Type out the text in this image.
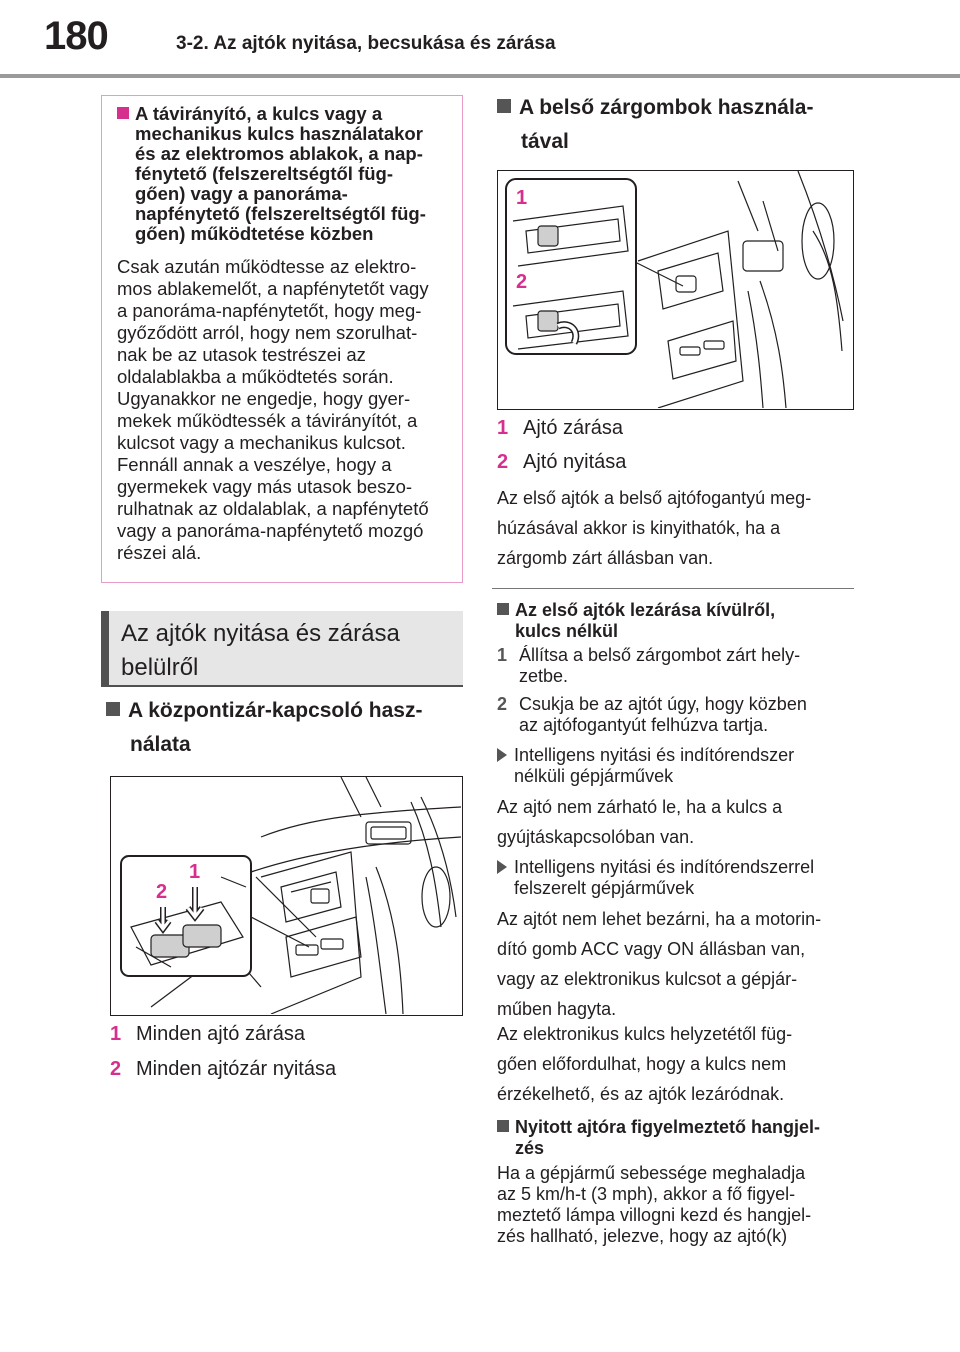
180	3-2. Az ajtók nyitása, becsukása és zárása
A távirányító, a kulcs vagy a
mechanikus kulcs használatakor
és az elektromos ablakok, a nap-
fénytető (felszereltségtől füg-
gően) vagy a panoráma-
napfénytető (felszereltségtől füg-
gően) működtetése közben
Csak azután működtesse az elektro-
mos ablakemelőt, a napfénytetőt vagy
a panoráma-napfénytetőt, hogy meg-
győződött arról, hogy nem szorulhat-
nak be az utasok testrészei az
oldalablakba a működtetés során.
Ugyanakkor ne engedje, hogy gyer-
mekek működtessék a távirányítót, a
kulcsot vagy a mechanikus kulcsot.
Fennáll annak a veszélye, hogy a
gyermekek vagy más utasok beszo-
rulhatnak az oldalablak, a napfénytető
vagy a panoráma-napfénytető mozgó
részei alá.
Az ajtók nyitása és zárása
belülről
A központizár-kapcsoló hasz-
nálata
1
2
1 Minden ajtó zárása
2 Minden ajtózár nyitása
A belső zárgombok használa-
tával
1
2
1 Ajtó zárása
2 Ajtó nyitása
Az első ajtók a belső ajtófogantyú meg-
húzásával akkor is kinyithatók, ha a
zárgomb zárt állásban van.
Az első ajtók lezárása kívülről,
kulcs nélkül
1 Állítsa a belső zárgombot zárt hely-
zetbe.
2 Csukja be az ajtót úgy, hogy közben
az ajtófogantyút felhúzva tartja.
Intelligens nyitási és indítórendszer
nélküli gépjárművek
Az ajtó nem zárható le, ha a kulcs a
gyújtáskapcsolóban van.
Intelligens nyitási és indítórendszerrel
felszerelt gépjárművek
Az ajtót nem lehet bezárni, ha a motorin-
dító gomb ACC vagy ON állásban van,
vagy az elektronikus kulcsot a gépjár-
műben hagyta.
Az elektronikus kulcs helyzetétől füg-
gően előfordulhat, hogy a kulcs nem
érzékelhető, és az ajtók lezáródnak.
Nyitott ajtóra figyelmeztető hangjel-
zés
Ha a gépjármű sebessége meghaladja
az 5 km/h-t (3 mph), akkor a fő figyel-
meztető lámpa villogni kezd és hangjel-
zés hallható, jelezve, hogy az ajtó(k)
